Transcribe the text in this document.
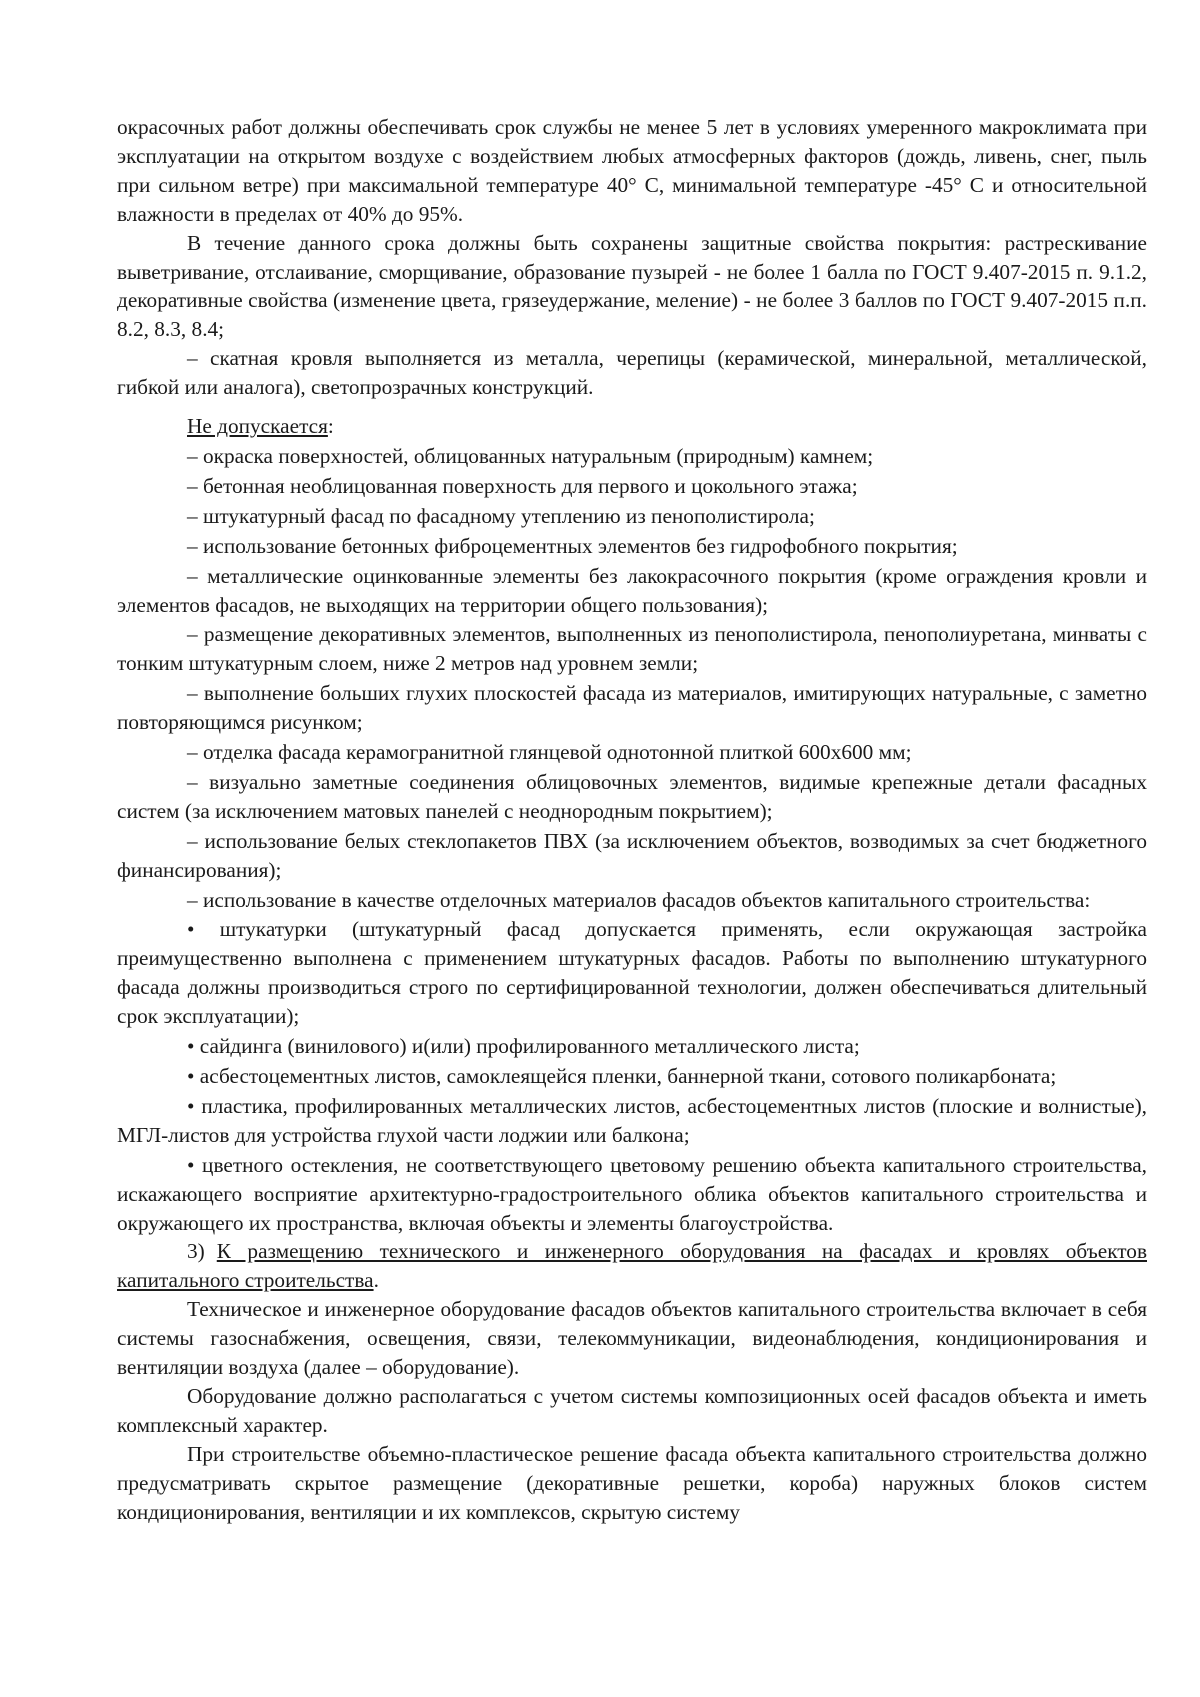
окрасочных работ должны обеспечивать срок службы не менее 5 лет в условиях умеренного макроклимата при эксплуатации на открытом воздухе с воздействием любых атмосферных факторов (дождь, ливень, снег, пыль при сильном ветре) при максимальной температуре 40° С, минимальной температуре -45° С и относительной влажности в пределах от 40% до 95%.

В течение данного срока должны быть сохранены защитные свойства покрытия: растрескивание выветривание, отслаивание, сморщивание, образование пузырей - не более 1 балла по ГОСТ 9.407-2015 п. 9.1.2, декоративные свойства (изменение цвета, грязеудержание, меление) - не более 3 баллов по ГОСТ 9.407-2015 п.п. 8.2, 8.3, 8.4;

– скатная кровля выполняется из металла, черепицы (керамической, минеральной, металлической, гибкой или аналога), светопрозрачных конструкций.

Не допускается:

– окраска поверхностей, облицованных натуральным (природным) камнем;

– бетонная необлицованная поверхность для первого и цокольного этажа;

– штукатурный фасад по фасадному утеплению из пенополистирола;

– использование бетонных фиброцементных элементов без гидрофобного покрытия;

– металлические оцинкованные элементы без лакокрасочного покрытия (кроме ограждения кровли и элементов фасадов, не выходящих на территории общего пользования);

– размещение декоративных элементов, выполненных из пенополистирола, пенополиуретана, минваты с тонким штукатурным слоем, ниже 2 метров над уровнем земли;

– выполнение больших глухих плоскостей фасада из материалов, имитирующих натуральные, с заметно повторяющимся рисунком;

– отделка фасада керамогранитной глянцевой однотонной плиткой 600х600 мм;

– визуально заметные соединения облицовочных элементов, видимые крепежные детали фасадных систем (за исключением матовых панелей с неоднородным покрытием);

– использование белых стеклопакетов ПВХ (за исключением объектов, возводимых за счет бюджетного финансирования);

– использование в качестве отделочных материалов фасадов объектов капитального строительства:

• штукатурки (штукатурный фасад допускается применять, если окружающая застройка преимущественно выполнена с применением штукатурных фасадов. Работы по выполнению штукатурного фасада должны производиться строго по сертифицированной технологии, должен обеспечиваться длительный срок эксплуатации);

• сайдинга (винилового) и(или) профилированного металлического листа;

• асбестоцементных листов, самоклеящейся пленки, баннерной ткани, сотового поликарбоната;

• пластика, профилированных металлических листов, асбестоцементных листов (плоские и волнистые), МГЛ-листов для устройства глухой части лоджии или балкона;

• цветного остекления, не соответствующего цветовому решению объекта капитального строительства, искажающего восприятие архитектурно-градостроительного облика объектов капитального строительства и окружающего их пространства, включая объекты и элементы благоустройства.

3) К размещению технического и инженерного оборудования на фасадах и кровлях объектов капитального строительства.

Техническое и инженерное оборудование фасадов объектов капитального строительства включает в себя системы газоснабжения, освещения, связи, телекоммуникации, видеонаблюдения, кондиционирования и вентиляции воздуха (далее – оборудование).

Оборудование должно располагаться с учетом системы композиционных осей фасадов объекта и иметь комплексный характер.

При строительстве объемно-пластическое решение фасада объекта капитального строительства должно предусматривать скрытое размещение (декоративные решетки, короба) наружных блоков систем кондиционирования, вентиляции и их комплексов, скрытую систему
